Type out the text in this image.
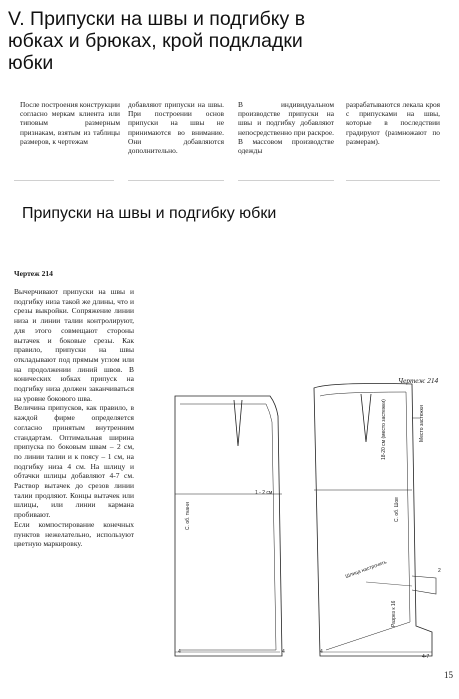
V. Припуски на швы и подгибку в
юбках и брюках, крой подкладки
юбки
После построения конструкции согласно меркам клиента или типовым размерным признакам, взятым из таблицы размеров, к чертежам
добавляют припуски на швы. При построении основ припуски на швы не принимаются во внимание. Они добавляются дополнительно.
В индивидуальном производстве припуски на швы и подгибку добавляют непосредственно при раскрое. В массовом производстве одежды
разрабатываются лекала кроя с припусками на швы, которые в последствии градируют (размножают по размерам).
Припуски на швы и подгибку юбки
Чертеж 214

Вычерчивают припуски на швы и подгибку низа такой же длины, что и срезы выкройки. Сопряжение линии низа и линии талии контролируют, для этого совмещают стороны вытачек и боковые срезы. Как правило, припуски на швы откладывают под прямым углом или на продолжении линий швов. В конических юбках припуск на подгибку низа должен заканчиваться на уровне бокового шва.

Величина припусков, как правило, в каждой фирме определяется согласно принятым внутренним стандартам. Оптимальная ширина припуска по боковым швам – 2 см, по линии талии и к поясу – 1 см, на подгибку низа 4 см. На шлицу и обтачки шлицы добавляют 4-7 см. Раствор вытачек до срезов линии талии продляют. Концы вытачек или шлицы, или линии кармана пробивают.

Если компостирование конечных пунктов нежелательно, используют цветную маркировку.

Чертеж 214
С. об. ткани
1 - 2 см
18-20 см (место застежки)
С. об. Шов
Место застежки
Шлица настрочить
Разрез к 16
4	4	4
2
4-7
15
